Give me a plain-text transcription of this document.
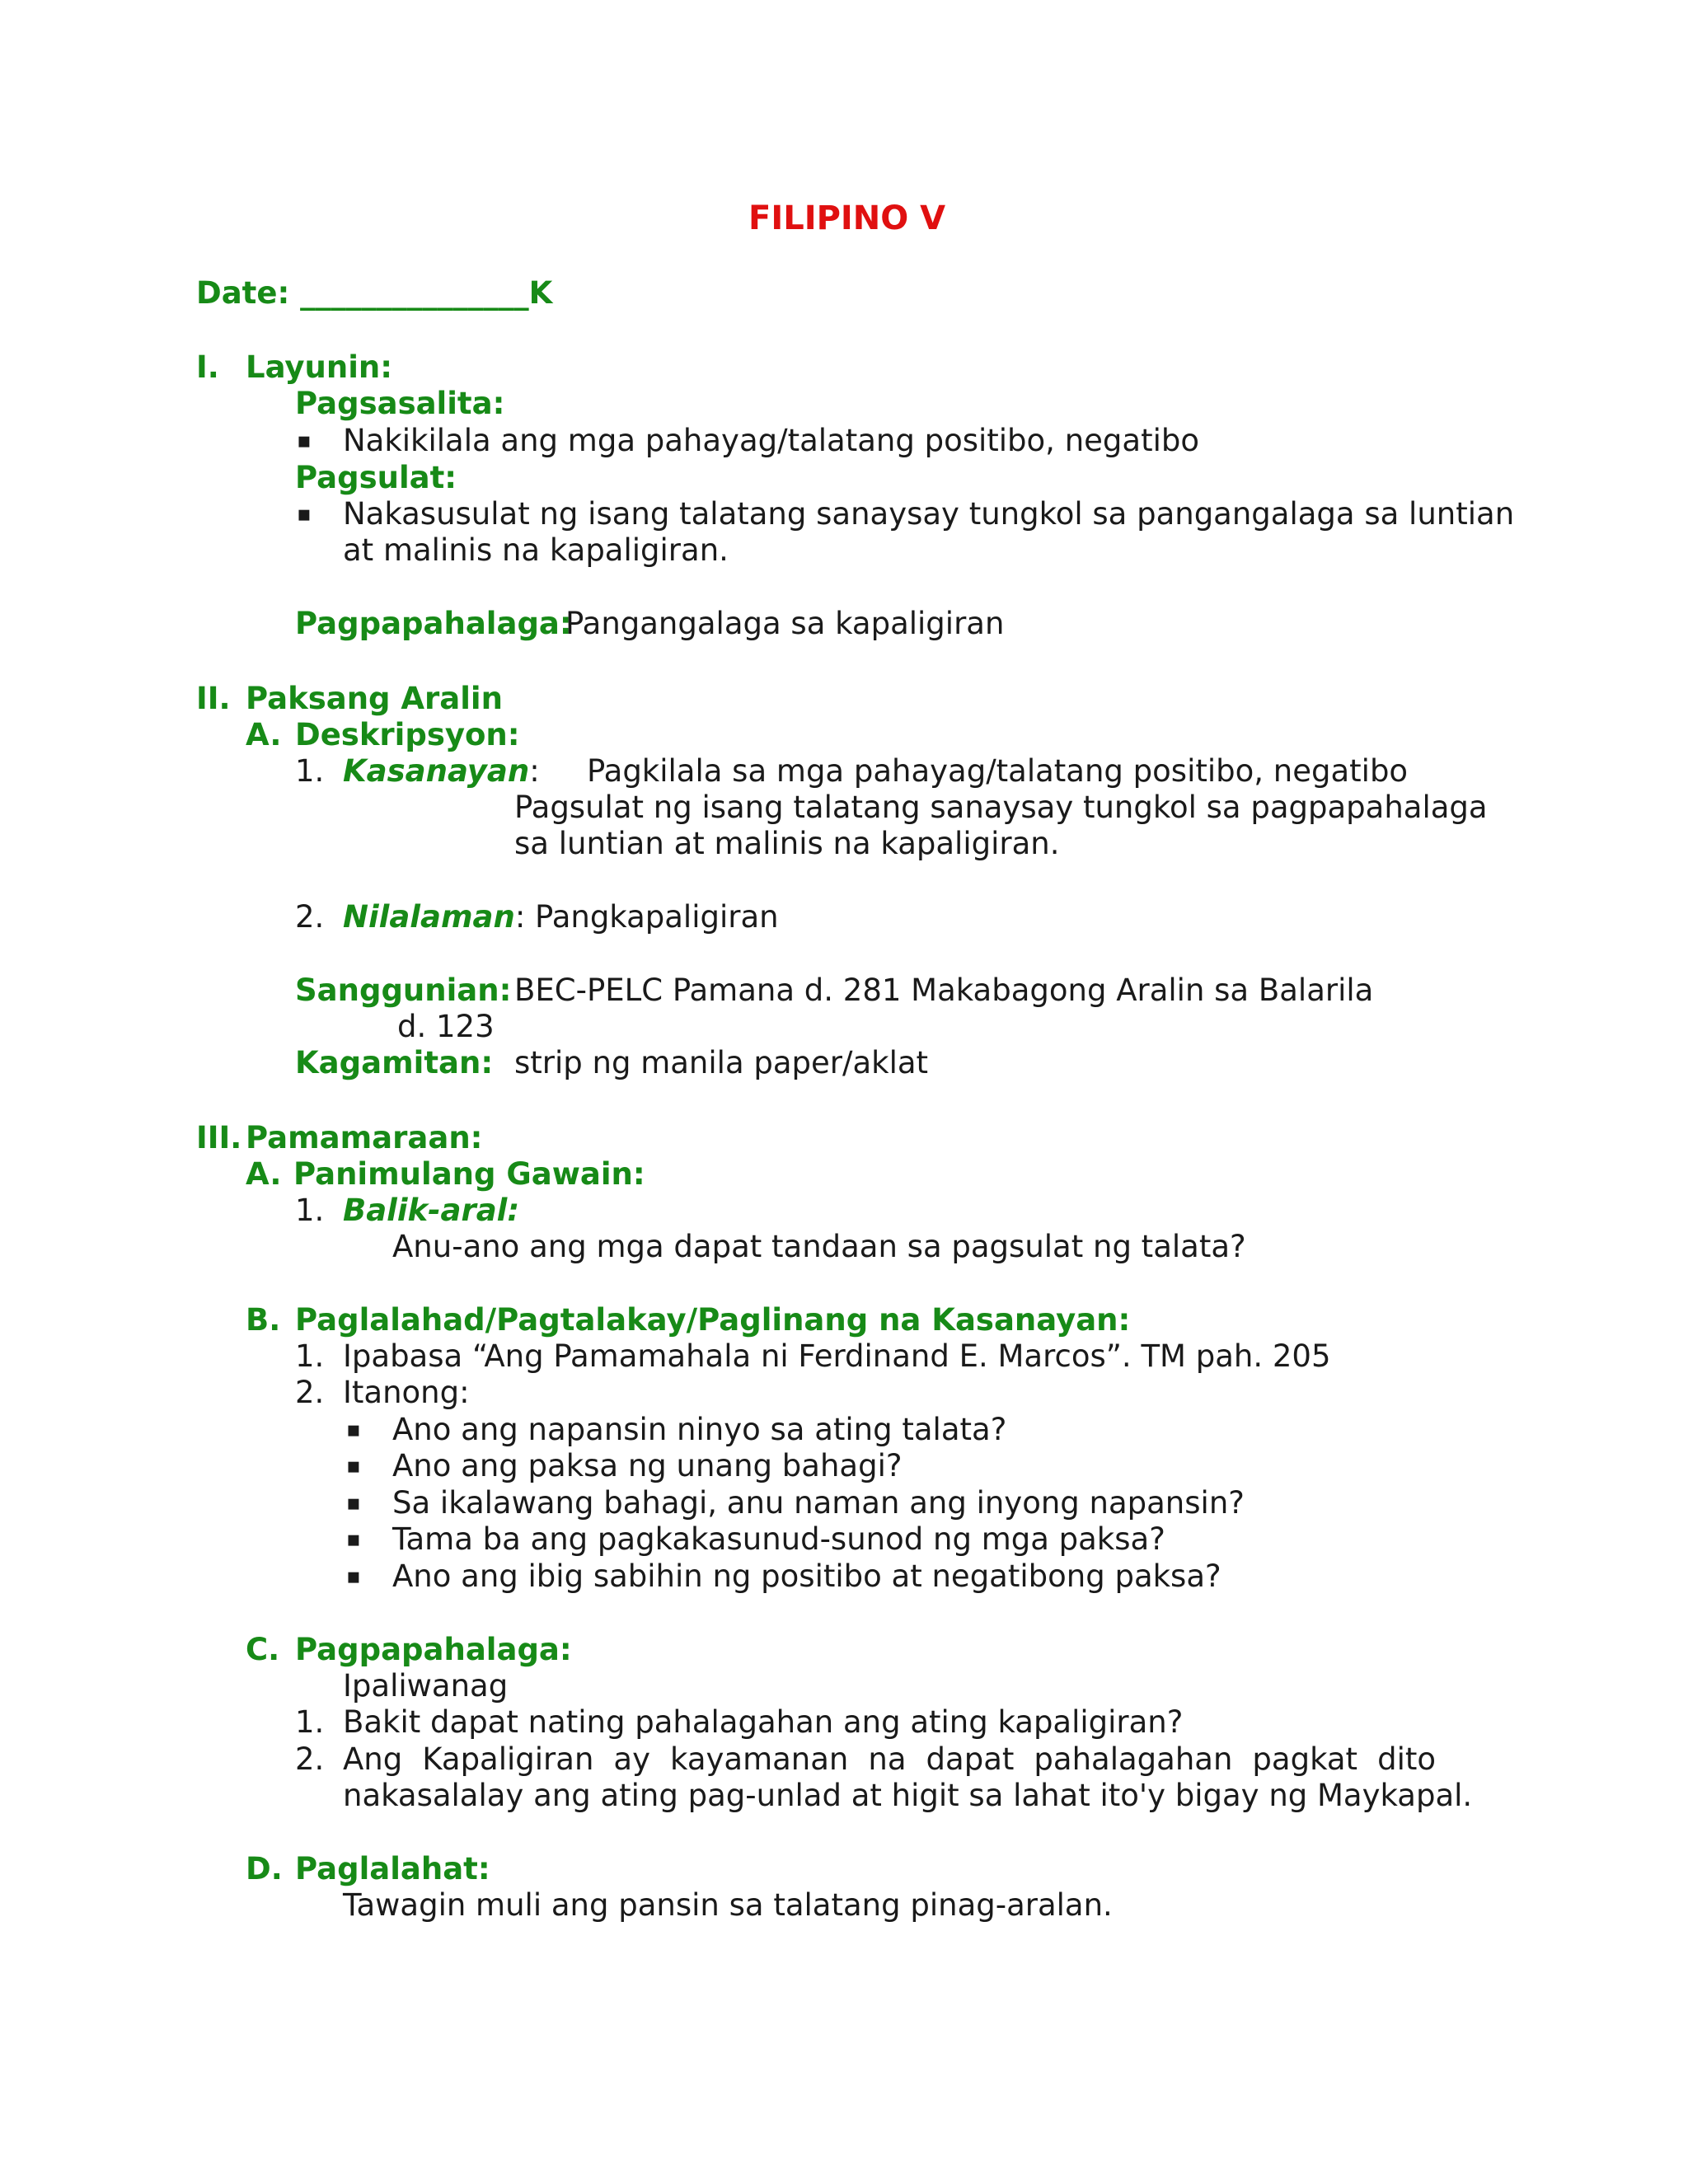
FILIPINO V
Date: _______________K
I. Layunin:
Pagsasalita:
▪ Nakikilala ang mga pahayag/talatang positibo, negatibo
Pagsulat:
▪ Nakasusulat ng isang talatang sanaysay tungkol sa pangangalaga sa luntian
at malinis na kapaligiran.
Pagpapahalaga:
Pangangalaga sa kapaligiran
II. Paksang Aralin
A. Deskripsyon:
1. Kasanayan: Pagkilala sa mga pahayag/talatang positibo, negatibo
Pagsulat ng isang talatang sanaysay tungkol sa pagpapahalaga
sa luntian at malinis na kapaligiran.
2. Nilalaman: Pangkapaligiran
Sanggunian: BEC-PELC Pamana d. 281 Makabagong Aralin sa Balarila
d. 123
Kagamitan: strip ng manila paper/aklat
III. Pamamaraan:
A. Panimulang Gawain:
1. Balik-aral:
Anu-ano ang mga dapat tandaan sa pagsulat ng talata?
B. Paglalahad/Pagtalakay/Paglinang na Kasanayan:
1. Ipabasa “Ang Pamamahala ni Ferdinand E. Marcos”. TM pah. 205
2. Itanong:
▪ Ano ang napansin ninyo sa ating talata?
▪ Ano ang paksa ng unang bahagi?
▪ Sa ikalawang bahagi, anu naman ang inyong napansin?
▪ Tama ba ang pagkakasunud-sunod ng mga paksa?
▪ Ano ang ibig sabihin ng positibo at negatibong paksa?
C. Pagpapahalaga:
Ipaliwanag
1. Bakit dapat nating pahalagahan ang ating kapaligiran?
2. Ang Kapaligiran ay kayamanan na dapat pahalagahan pagkat dito
nakasalalay ang ating pag-unlad at higit sa lahat ito'y bigay ng Maykapal.
D. Paglalahat:
Tawagin muli ang pansin sa talatang pinag-aralan.
